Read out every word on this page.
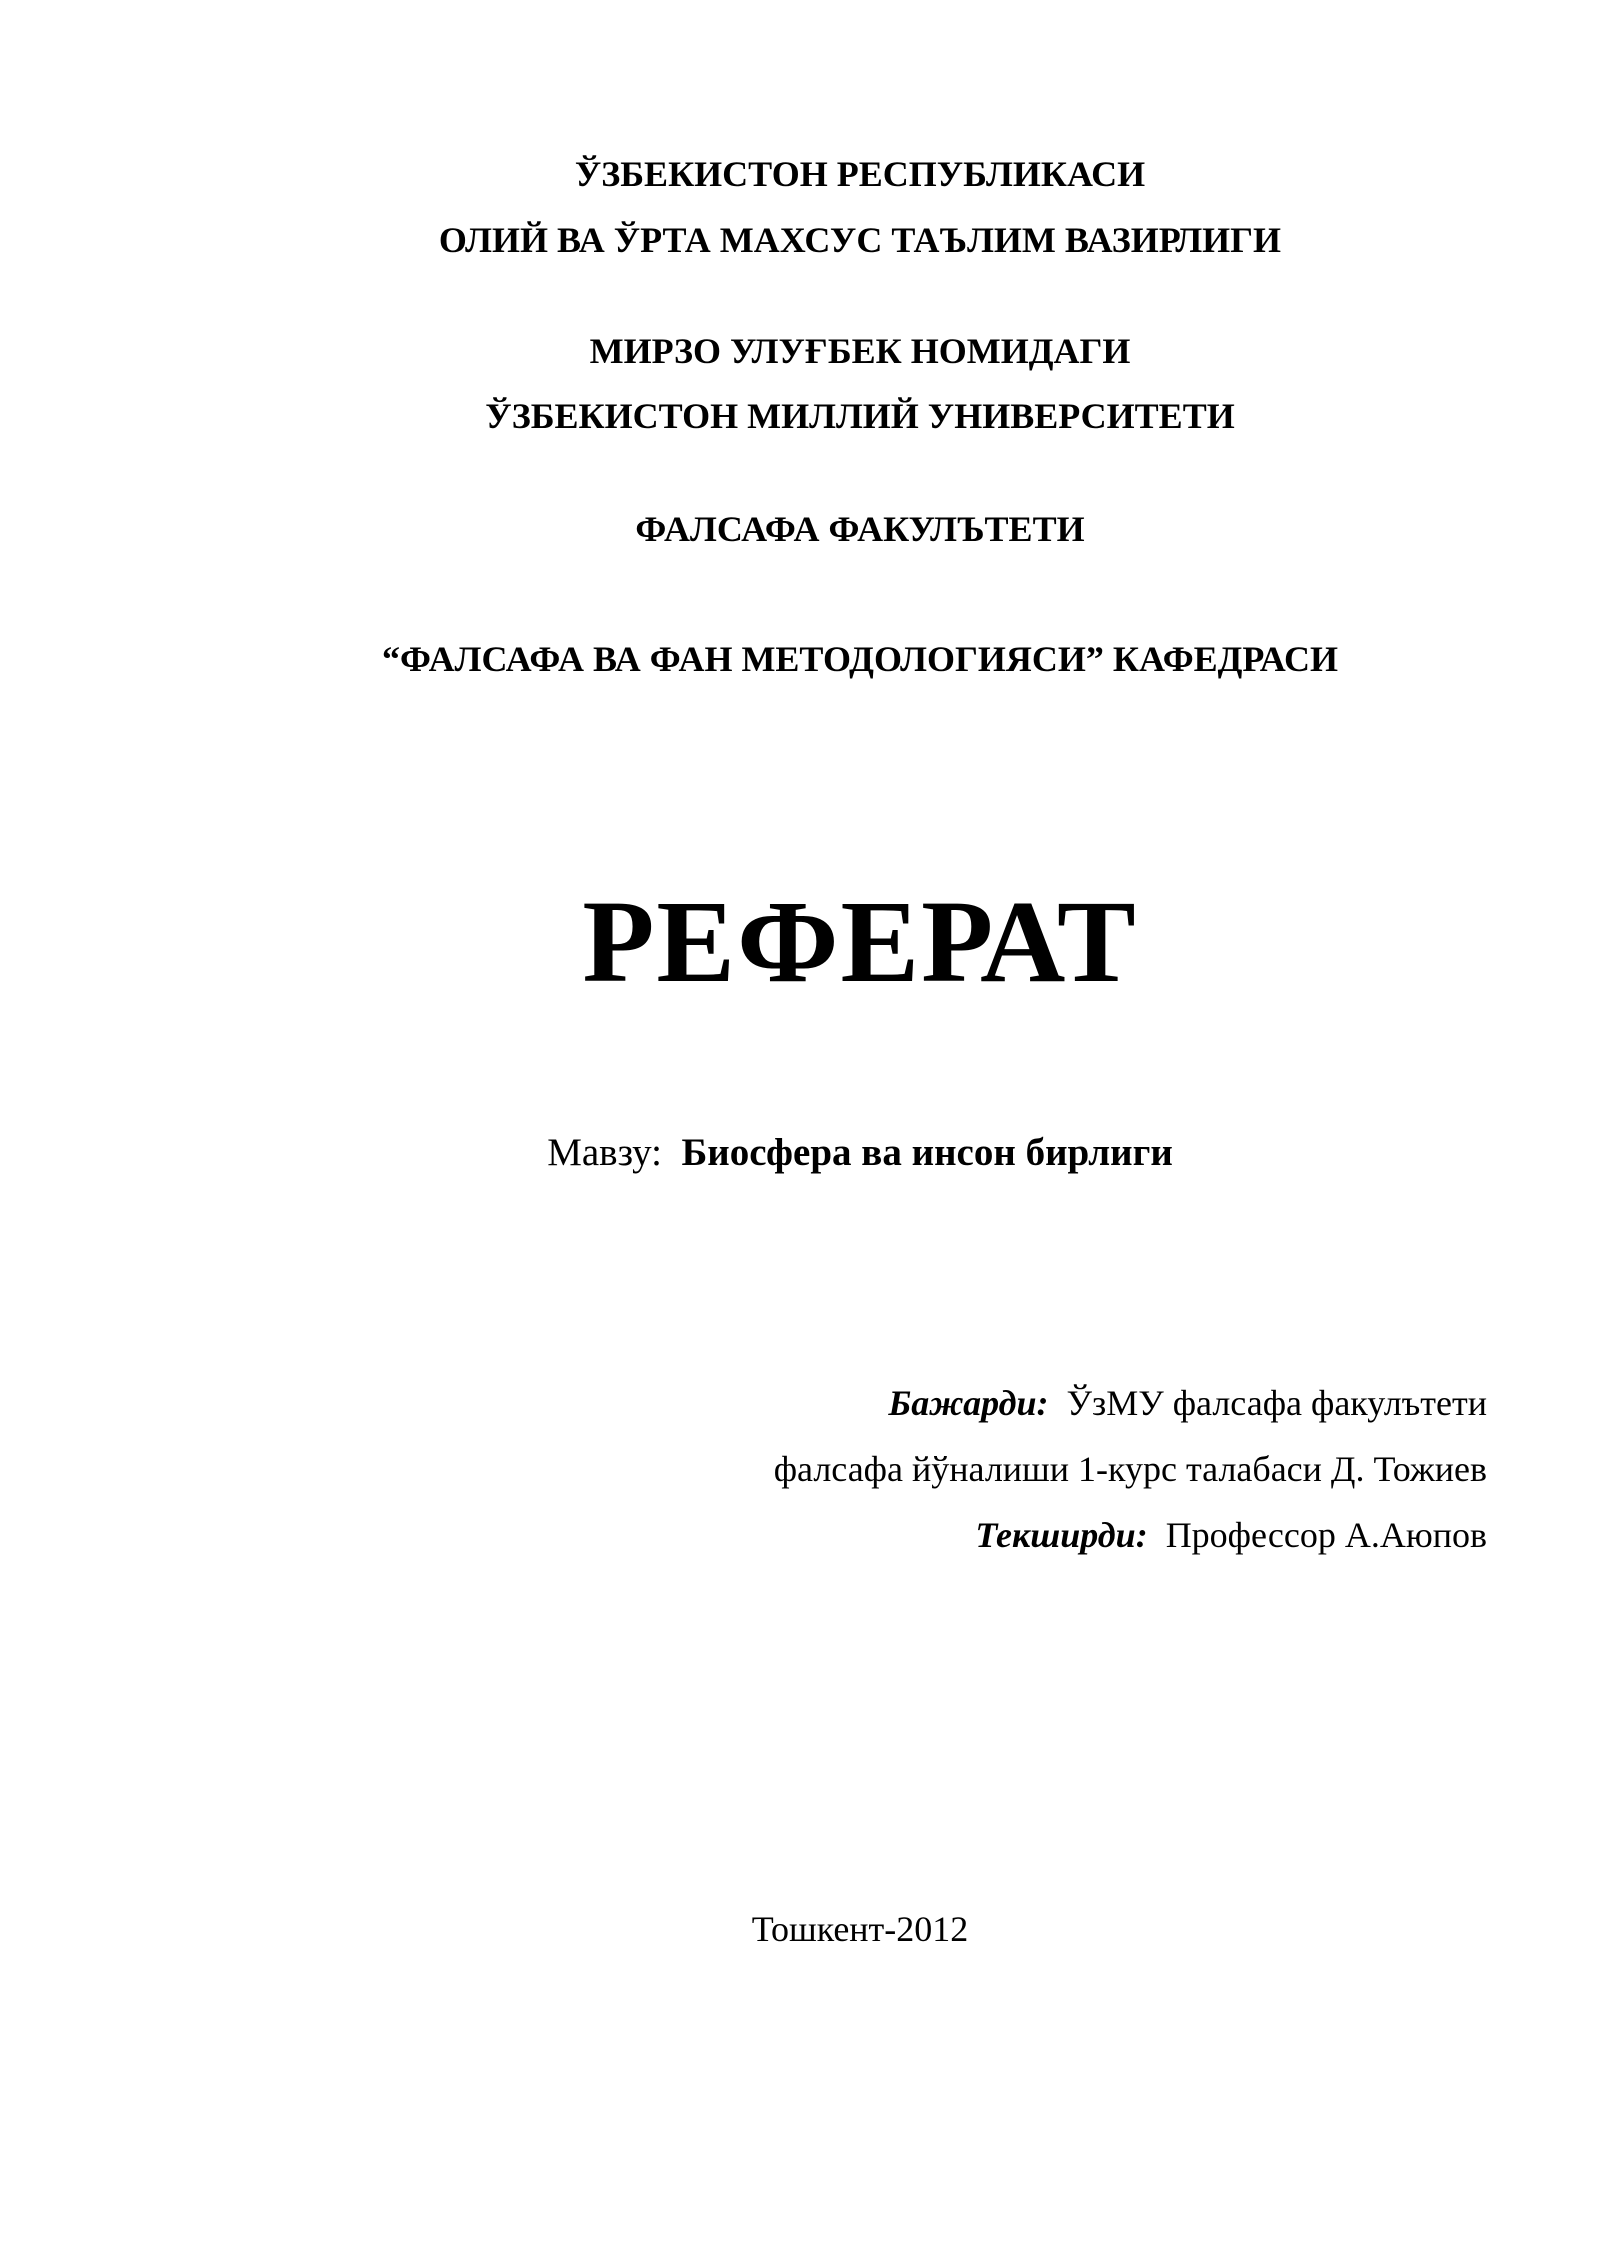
ЎЗБЕКИСТОН РЕСПУБЛИКАСИ
ОЛИЙ ВА ЎРТА МАХСУС ТАЪЛИМ ВАЗИРЛИГИ
МИРЗО УЛУҒБЕК НОМИДАГИ
ЎЗБЕКИСТОН МИЛЛИЙ УНИВЕРСИТЕТИ
ФАЛСАФА ФАКУЛЪТЕТИ
“ФАЛСАФА ВА ФАН МЕТОДОЛОГИЯСИ” КАФЕДРАСИ
РЕФЕРАТ
Мавзу: Биосфера ва инсон бирлиги
Бажарди: ЎзМУ фалсафа факулътети
фалсафа йўналиши 1-курс талабаси Д. Тожиев
Текширди: Профессор А.Аюпов
Тошкент-2012
